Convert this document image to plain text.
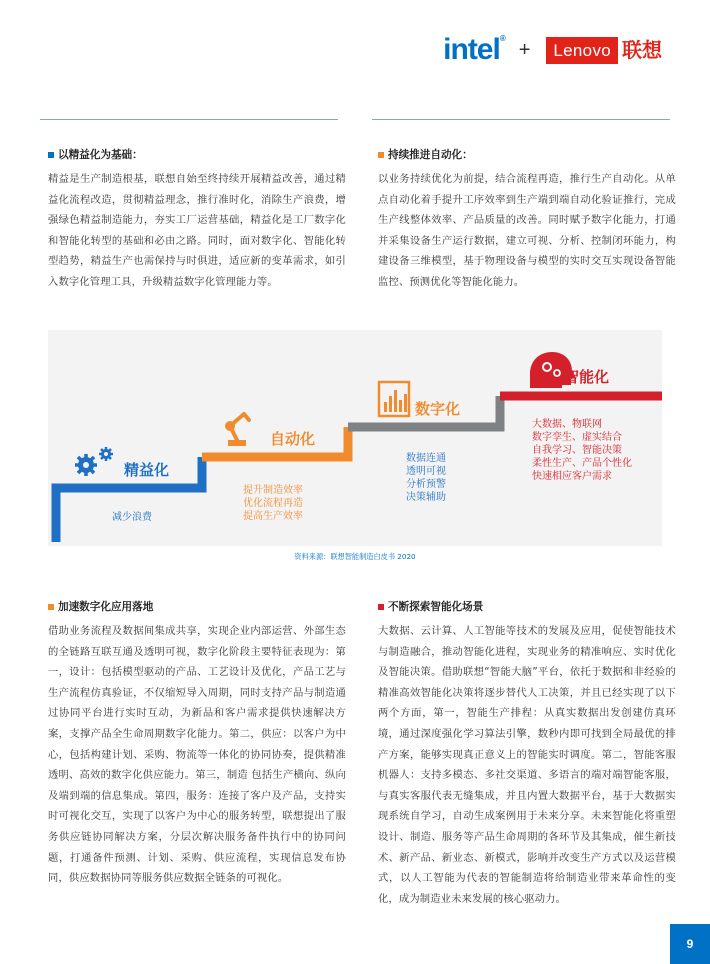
intel® +	Lenovo 联想
以精益化为基础：

精益是生产制造根基，联想自始至终持续开展精益改善，通过精益化流程改造，贯彻精益理念，推行准时化，消除生产浪费，增强绿色精益制造能力，夯实工厂运营基础，精益化是工厂数字化和智能化转型的基础和必由之路。同时，面对数字化、智能化转型趋势，精益生产也需保持与时俱进，适应新的变革需求，如引入数字化管理工具，升级精益数字化管理能力等。

持续推进自动化：

以业务持续优化为前提，结合流程再造，推行生产自动化。从单点自动化着手提升工序效率到生产端到端自动化验证推行，完成生产线整体效率、产品质量的改善。同时赋予数字化能力，打通并采集设备生产运行数据，建立可视、分析、控制闭环能力，构建设备三维模型，基于物理设备与模型的实时交互实现设备智能监控、预测优化等智能化能力。

精益化
自动化
数字化
智能化
减少浪费
提升制造效率
优化流程再造
提高生产效率
数据连通
透明可视
分析预警
决策辅助
大数据、物联网
数字孪生、虚实结合
自我学习、智能决策
柔性生产、产品个性化
快速相应客户需求
资料来源：联想智能制造白皮书 2020
加速数字化应用落地

借助业务流程及数据间集成共享，实现企业内部运营、外部生态的全链路互联互通及透明可视，数字化阶段主要特征表现为：第一，设计：包括模型驱动的产品、工艺设计及优化，产品工艺与生产流程仿真验证，不仅缩短导入周期，同时支持产品与制造通过协同平台进行实时互动，为新品和客户需求提供快速解决方案，支撑产品全生命周期数字化能力。第二，供应：以客户为中心，包括构建计划、采购、物流等一体化的协同协奏，提供精准透明、高效的数字化供应能力。第三，制造 包括生产横向、纵向及端到端的信息集成。第四，服务：连接了客户及产品，支持实时可视化交互，实现了以客户为中心的服务转型，联想提出了服务供应链协同解决方案，分层次解决服务备件执行中的协同问题，打通备件预测、计划、采购、供应流程，实现信息发布协同，供应数据协同等服务供应数据全链条的可视化。

不断探索智能化场景

大数据、云计算、人工智能等技术的发展及应用，促使智能技术与制造融合，推动智能化进程，实现业务的精准响应、实时优化及智能决策。借助联想“智能大脑”平台，依托于数据和非经验的精准高效智能化决策将逐步替代人工决策，并且已经实现了以下两个方面，第一，智能生产排程：从真实数据出发创建仿真环境，通过深度强化学习算法引擎，数秒内即可找到全局最优的排产方案，能够实现真正意义上的智能实时调度。第二，智能客服机器人：支持多模态、多社交渠道、多语言的端对端智能客服，与真实客服代表无缝集成，并且内置大数据平台，基于大数据实现系统自学习，自动生成案例用于未来分享。未来智能化将重塑设计、制造、服务等产品生命周期的各环节及其集成，催生新技术、新产品、新业态、新模式，影响并改变生产方式以及运营模式，以人工智能为代表的智能制造将给制造业带来革命性的变化，成为制造业未来发展的核心驱动力。

9
